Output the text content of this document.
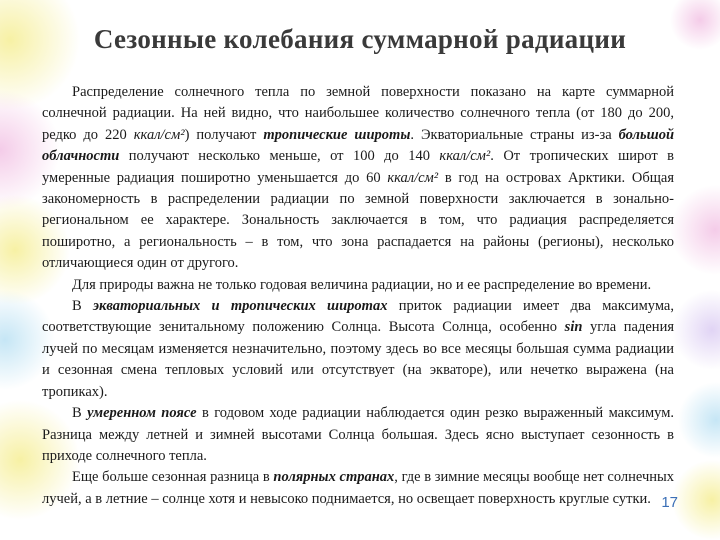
Сезонные колебания суммарной радиации

Распределение солнечного тепла по земной поверхности показано на карте суммарной солнечной радиации. На ней видно, что наибольшее количество солнечного тепла (от 180 до 200, редко до 220 ккал/см²) получают тропические широты. Экваториальные страны из-за большой облачности получают несколько меньше, от 100 до 140 ккал/см². От тропических широт в умеренные радиация поширотно уменьшается до 60 ккал/см² в год на островах Арктики. Общая закономерность в распределении радиации по земной поверхности заключается в зонально-региональном ее характере. Зональность заключается в том, что радиация распределяется поширотно, а региональность – в том, что зона распадается на районы (регионы), несколько отличающиеся один от другого.

Для природы важна не только годовая величина радиации, но и ее распределение во времени.

В экваториальных и тропических широтах приток радиации имеет два максимума, соответствующие зенитальному положению Солнца. Высота Солнца, особенно sin угла падения лучей по месяцам изменяется незначительно, поэтому здесь во все месяцы большая сумма радиации и сезонная смена тепловых условий или отсутствует (на экваторе), или нечетко выражена (на тропиках).

В умеренном поясе в годовом ходе радиации наблюдается один резко выраженный максимум. Разница между летней и зимней высотами Солнца большая. Здесь ясно выступает сезонность в приходе солнечного тепла.

Еще больше сезонная разница в полярных странах, где в зимние месяцы вообще нет солнечных лучей, а в летние – солнце хотя и невысоко поднимается, но освещает поверхность круглые сутки. 17
